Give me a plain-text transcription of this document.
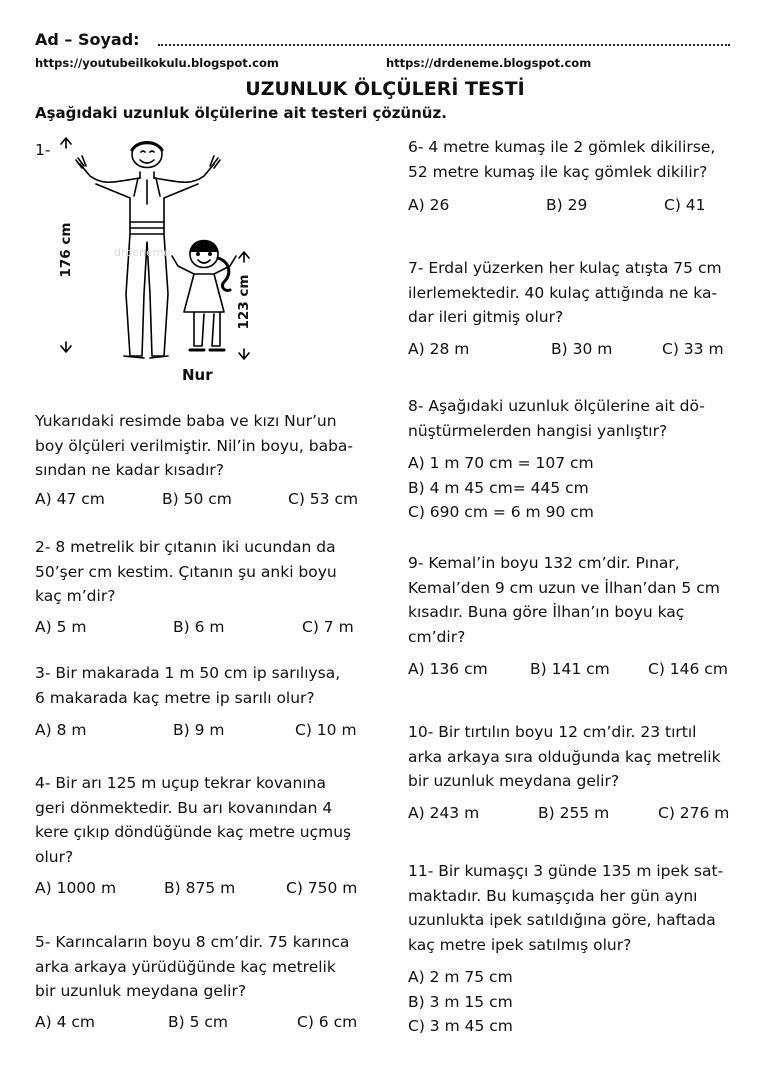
Ad – Soyad:
https://youtubeilkokulu.blogspot.com	https://drdeneme.blogspot.com
UZUNLUK ÖLÇÜLERİ TESTİ
Aşağıdaki uzunluk ölçülerine ait testeri çözünüz.
1-
176 cm
123 cm
drdeneme
Nur
Yukarıdaki resimde baba ve kızı Nur’un
boy ölçüleri verilmiştir. Nil’in boyu, baba-
sından ne kadar kısadır?
A) 47 cm	B) 50 cm	C) 53 cm
2- 8 metrelik bir çıtanın iki ucundan da
50’şer cm kestim. Çıtanın şu anki boyu
kaç m’dir?
A) 5 m	B) 6 m	C) 7 m
3- Bir makarada 1 m 50 cm ip sarılıysa,
6 makarada kaç metre ip sarılı olur?
A) 8 m	B) 9 m	C) 10 m
4- Bir arı 125 m uçup tekrar kovanına
geri dönmektedir. Bu arı kovanından 4
kere çıkıp döndüğünde kaç metre uçmuş
olur?
A) 1000 m	B) 875 m	C) 750 m
5- Karıncaların boyu 8 cm’dir. 75 karınca
arka arkaya yürüdüğünde kaç metrelik
bir uzunluk meydana gelir?
A) 4 cm	B) 5 cm	C) 6 cm
6- 4 metre kumaş ile 2 gömlek dikilirse,
52 metre kumaş ile kaç gömlek dikilir?
A) 26	B) 29	C) 41
7- Erdal yüzerken her kulaç atışta 75 cm
ilerlemektedir. 40 kulaç attığında ne ka-
dar ileri gitmiş olur?
A) 28 m	B) 30 m	C) 33 m
8- Aşağıdaki uzunluk ölçülerine ait dö-
nüştürmelerden hangisi yanlıştır?
A) 1 m 70 cm = 107 cm
B) 4 m 45 cm= 445 cm
C) 690 cm = 6 m 90 cm
9- Kemal’in boyu 132 cm’dir. Pınar,
Kemal’den 9 cm uzun ve İlhan’dan 5 cm
kısadır. Buna göre İlhan’ın boyu kaç
cm’dir?
A) 136 cm	B) 141 cm C) 146 cm
10- Bir tırtılın boyu 12 cm’dir. 23 tırtıl
arka arkaya sıra olduğunda kaç metrelik
bir uzunluk meydana gelir?
A) 243 m	B) 255 m	C) 276 m
11- Bir kumaşçı 3 günde 135 m ipek sat-
maktadır. Bu kumaşçıda her gün aynı
uzunlukta ipek satıldığına göre, haftada
kaç metre ipek satılmış olur?
A) 2 m 75 cm
B) 3 m 15 cm
C) 3 m 45 cm
